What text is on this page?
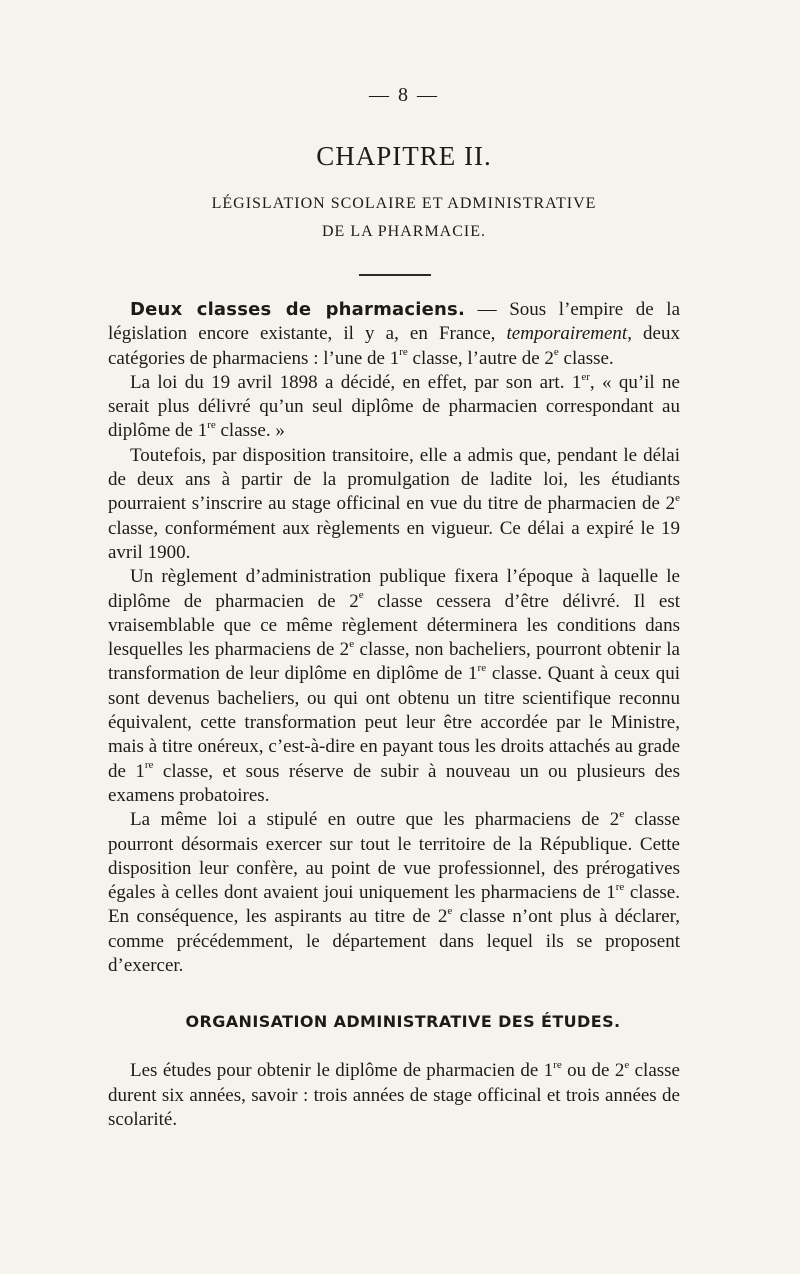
— 8 —
CHAPITRE II.
LÉGISLATION SCOLAIRE ET ADMINISTRATIVE
DE LA PHARMACIE.

Deux classes de pharmaciens. — Sous l’empire de la législation encore existante, il y a, en France, temporairement, deux catégories de pharmaciens : l’une de 1re classe, l’autre de 2e classe.

La loi du 19 avril 1898 a décidé, en effet, par son art. 1er, « qu’il ne serait plus délivré qu’un seul diplôme de pharmacien correspondant au diplôme de 1re classe. »

Toutefois, par disposition transitoire, elle a admis que, pendant le délai de deux ans à partir de la promulgation de ladite loi, les étudiants pourraient s’inscrire au stage officinal en vue du titre de pharmacien de 2e classe, conformément aux règlements en vigueur. Ce délai a expiré le 19 avril 1900.

Un règlement d’administration publique fixera l’époque à laquelle le diplôme de pharmacien de 2e classe cessera d’être délivré. Il est vraisemblable que ce même règlement déterminera les conditions dans lesquelles les pharmaciens de 2e classe, non bacheliers, pourront obtenir la transformation de leur diplôme en diplôme de 1re classe. Quant à ceux qui sont devenus bacheliers, ou qui ont obtenu un titre scientifique reconnu équivalent, cette transformation peut leur être accordée par le Ministre, mais à titre onéreux, c’est-à-dire en payant tous les droits attachés au grade de 1re classe, et sous réserve de subir à nouveau un ou plusieurs des examens probatoires.

La même loi a stipulé en outre que les pharmaciens de 2e classe pourront désormais exercer sur tout le territoire de la République. Cette disposition leur confère, au point de vue professionnel, des prérogatives égales à celles dont avaient joui uniquement les pharmaciens de 1re classe. En conséquence, les aspirants au titre de 2e classe n’ont plus à déclarer, comme précédemment, le département dans lequel ils se proposent d’exercer.

ORGANISATION ADMINISTRATIVE DES ÉTUDES.

Les études pour obtenir le diplôme de pharmacien de 1re ou de 2e classe durent six années, savoir : trois années de stage officinal et trois années de scolarité.
